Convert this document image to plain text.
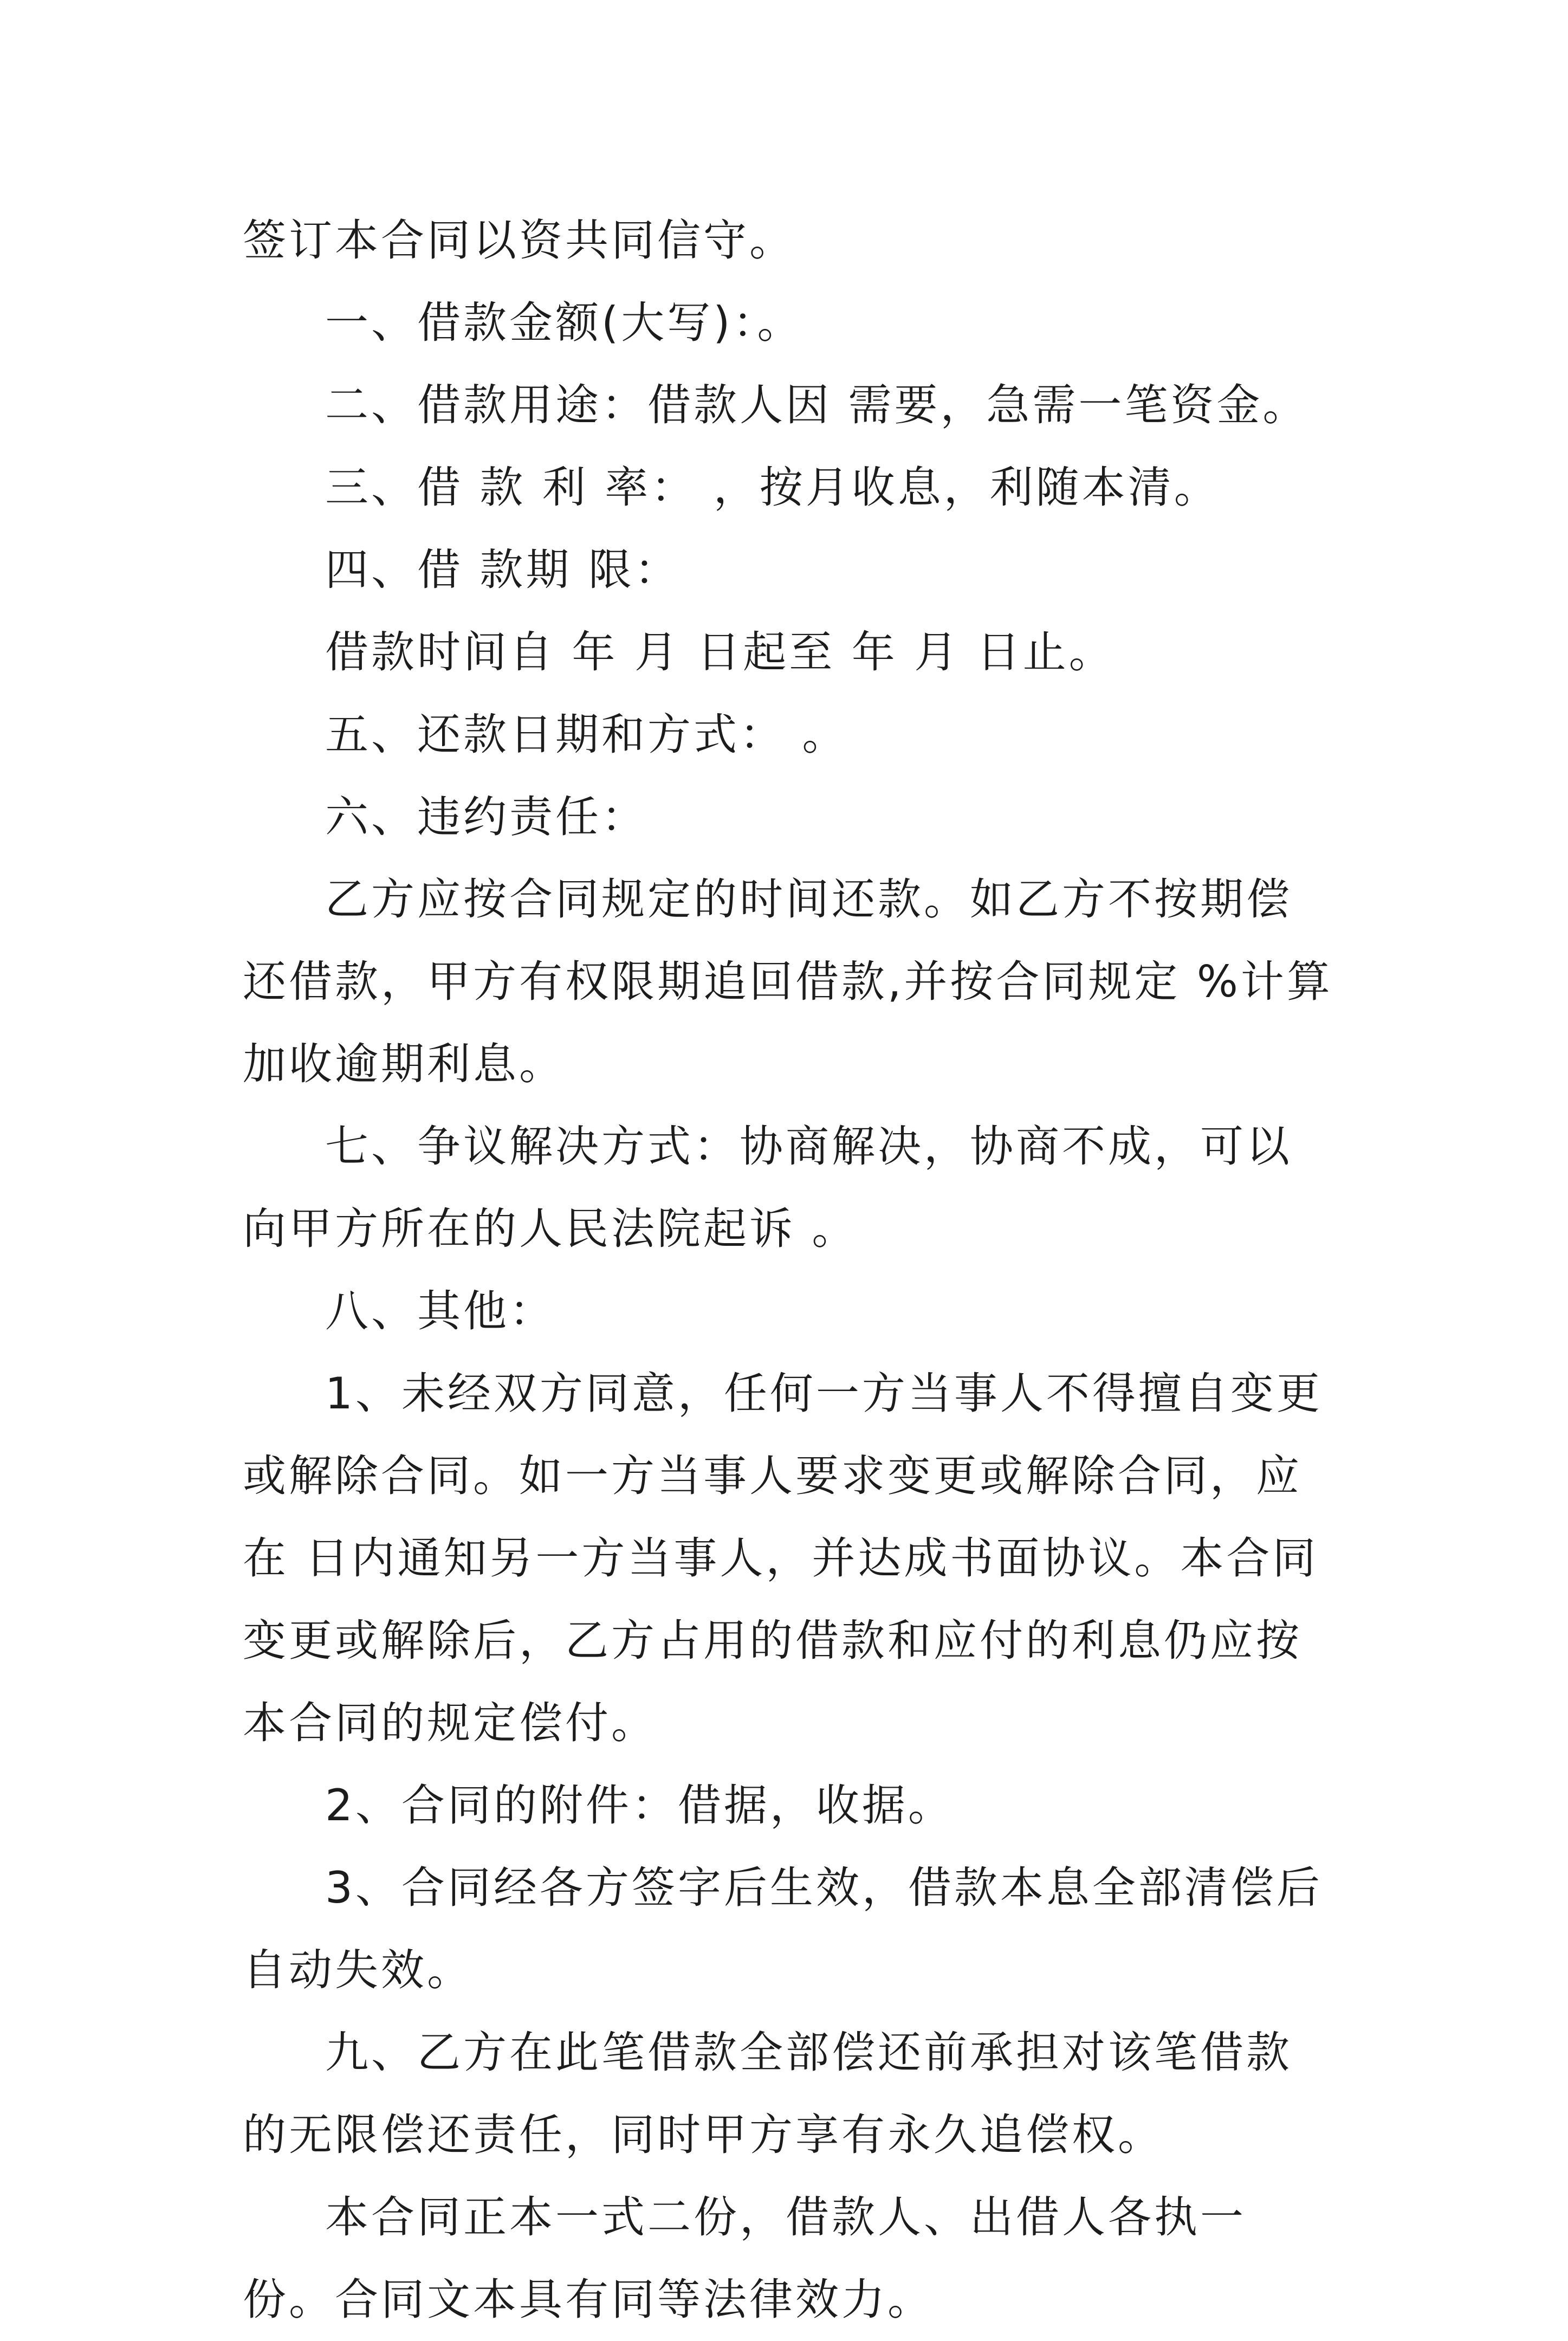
签订本合同以资共同信守。

一、借款金额(大写)：。

二、借款用途：借款人因 需要，急需一笔资金。

三、借 款 利 率： ，按月收息，利随本清。

四、借 款期 限：

借款时间自 年 月 日起至 年 月 日止。

五、还款日期和方式： 。

六、违约责任：

乙方应按合同规定的时间还款。如乙方不按期偿还借款，甲方有权限期追回借款,并按合同规定 %计算加收逾期利息。

七、争议解决方式：协商解决，协商不成，可以向甲方所在的人民法院起诉 。

八、其他：

1、未经双方同意，任何一方当事人不得擅自变更或解除合同。如一方当事人要求变更或解除合同，应在 日内通知另一方当事人，并达成书面协议。本合同变更或解除后，乙方占用的借款和应付的利息仍应按本合同的规定偿付。

2、合同的附件：借据，收据。

3、合同经各方签字后生效，借款本息全部清偿后自动失效。

九、乙方在此笔借款全部偿还前承担对该笔借款的无限偿还责任，同时甲方享有永久追偿权。

本合同正本一式二份，借款人、出借人各执一份。合同文本具有同等法律效力。
